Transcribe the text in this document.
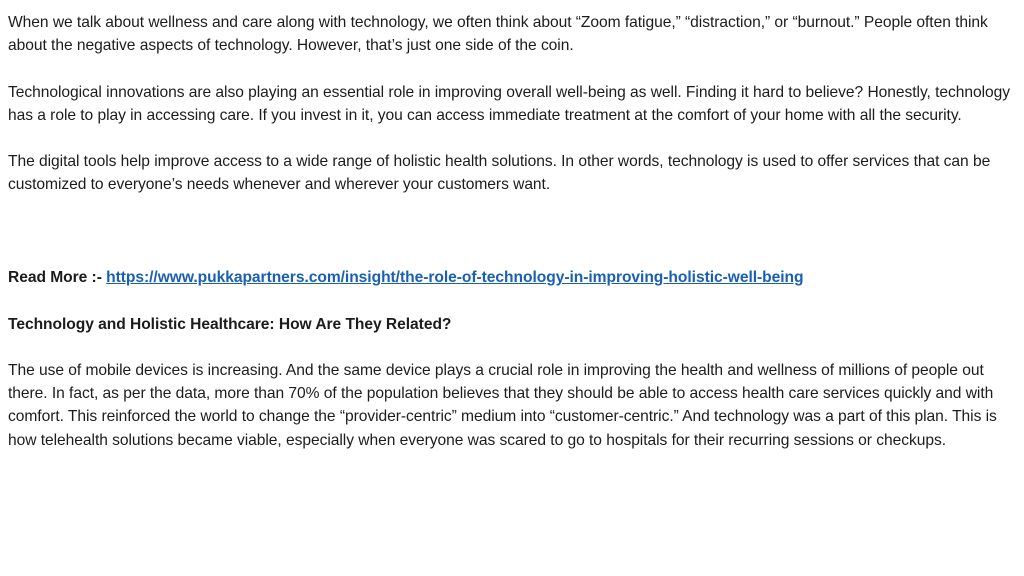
When we talk about wellness and care along with technology, we often think about “Zoom fatigue,” “distraction,” or “burnout.” People often think about the negative aspects of technology. However, that’s just one side of the coin.

Technological innovations are also playing an essential role in improving overall well-being as well. Finding it hard to believe? Honestly, technology has a role to play in accessing care. If you invest in it, you can access immediate treatment at the comfort of your home with all the security.

The digital tools help improve access to a wide range of holistic health solutions. In other words, technology is used to offer services that can be customized to everyone’s needs whenever and wherever your customers want.

Read More :- https://www.pukkapartners.com/insight/the-role-of-technology-in-improving-holistic-well-being

Technology and Holistic Healthcare: How Are They Related?

The use of mobile devices is increasing. And the same device plays a crucial role in improving the health and wellness of millions of people out there. In fact, as per the data, more than 70% of the population believes that they should be able to access health care services quickly and with comfort. This reinforced the world to change the “provider-centric” medium into “customer-centric.” And technology was a part of this plan. This is how telehealth solutions became viable, especially when everyone was scared to go to hospitals for their recurring sessions or checkups.
